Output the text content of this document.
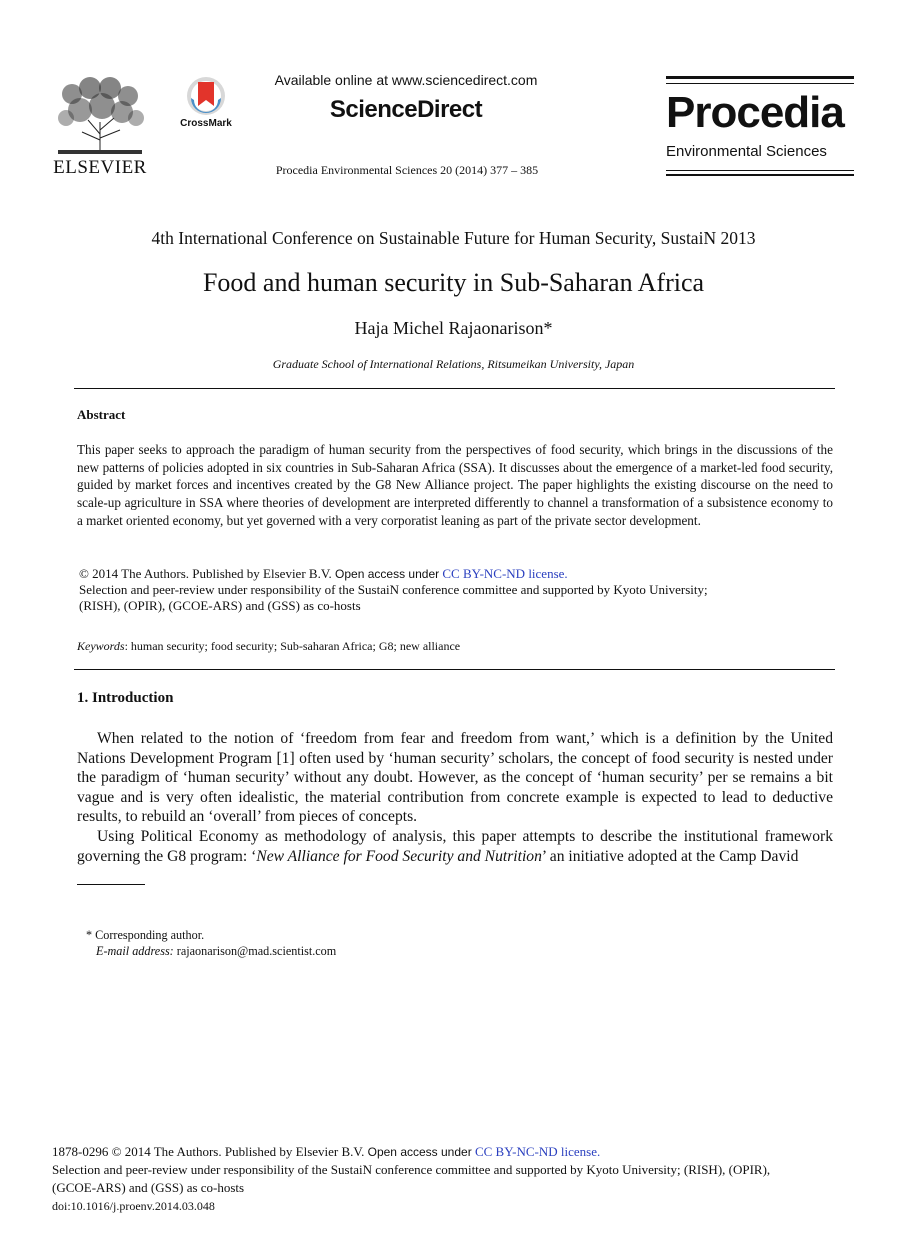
ELSEVIER
CrossMark
Available online at www.sciencedirect.com
ScienceDirect
Procedia Environmental Sciences 20 (2014) 377 – 385
Procedia
Environmental Sciences
4th International Conference on Sustainable Future for Human Security, SustaiN 2013
Food and human security in Sub-Saharan Africa
Haja Michel Rajaonarison*
Graduate School of International Relations, Ritsumeikan University, Japan
Abstract
This paper seeks to approach the paradigm of human security from the perspectives of food security, which brings in the discussions of the new patterns of policies adopted in six countries in Sub-Saharan Africa (SSA). It discusses about the emergence of a market-led food security, guided by market forces and incentives created by the G8 New Alliance project. The paper highlights the existing discourse on the need to scale-up agriculture in SSA where theories of development are interpreted differently to channel a transformation of a subsistence economy to a market oriented economy, but yet governed with a very corporatist leaning as part of the private sector development.
© 2014 The Authors. Published by Elsevier B.V. Open access under CC BY-NC-ND license.
Selection and peer-review under responsibility of the SustaiN conference committee and supported by Kyoto University;
(RISH), (OPIR), (GCOE-ARS) and (GSS) as co-hosts
Keywords: human security; food security; Sub-saharan Africa; G8; new alliance
1. Introduction

When related to the notion of ‘freedom from fear and freedom from want,’ which is a definition by the United Nations Development Program [1] often used by ‘human security’ scholars, the concept of food security is nested under the paradigm of ‘human security’ without any doubt. However, as the concept of ‘human security’ per se remains a bit vague and is very often idealistic, the material contribution from concrete example is expected to lead to deductive results, to rebuild an ‘overall’ from pieces of concepts.

Using Political Economy as methodology of analysis, this paper attempts to describe the institutional framework governing the G8 program: ‘New Alliance for Food Security and Nutrition’ an initiative adopted at the Camp David

* Corresponding author.
E-mail address: rajaonarison@mad.scientist.com
1878-0296 © 2014 The Authors. Published by Elsevier B.V. Open access under CC BY-NC-ND license.
Selection and peer-review under responsibility of the SustaiN conference committee and supported by Kyoto University; (RISH), (OPIR),
(GCOE-ARS) and (GSS) as co-hosts
doi:10.1016/j.proenv.2014.03.048
